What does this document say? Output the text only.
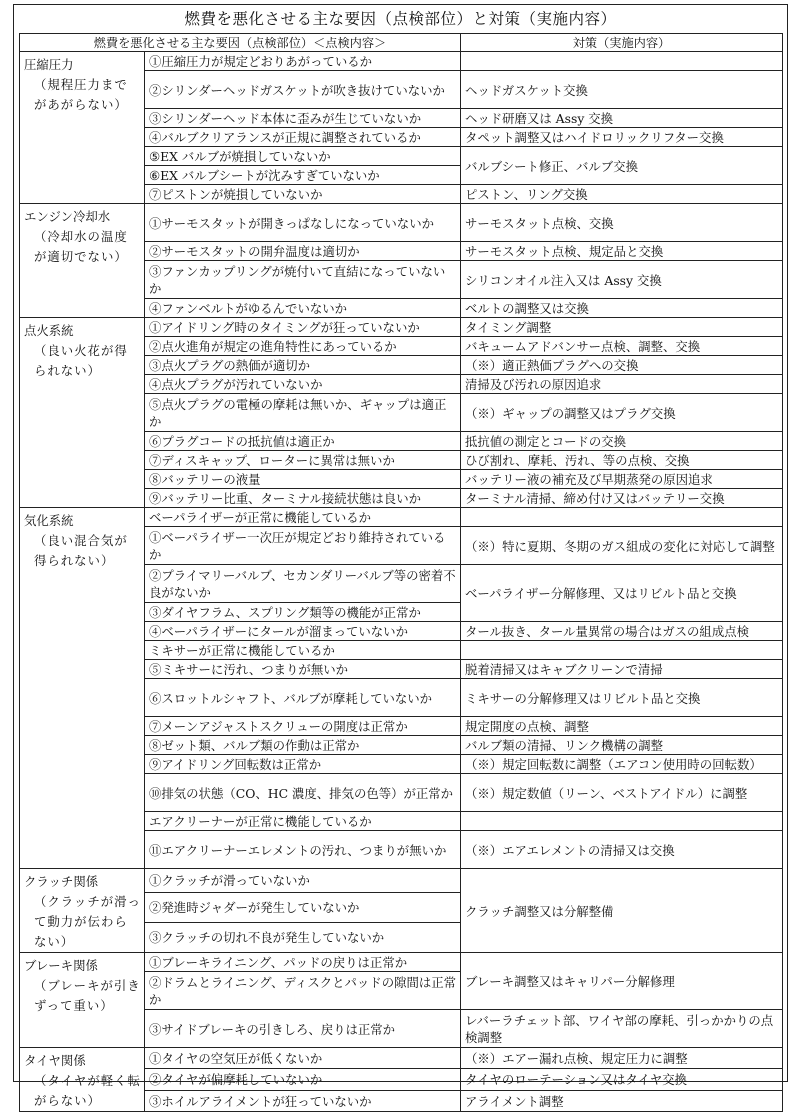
燃費を悪化させる主な要因（点検部位）と対策（実施内容）
燃費を悪化させる主な要因（点検部位）＜点検内容＞		対策（実施内容）

圧縮圧力
（規程圧力までがあがらない）	①圧縮圧力が規定どおりあがっているか	
	②シリンダーヘッドガスケットが吹き抜けていないか	ヘッドガスケット交換
	③シリンダーヘッド本体に歪みが生じていないか	ヘッド研磨又は Assy 交換
	④バルブクリアランスが正規に調整されているか	タペット調整又はハイドロリックリフター交換
	⑤EX バルブが焼損していないか	バルブシート修正、バルブ交換
	⑥EX バルブシートが沈みすぎていないか	
	⑦ピストンが焼損していないか	ピストン、リング交換

エンジン冷却水
（冷却水の温度が適切でない）	①サーモスタットが開きっぱなしになっていないか	サーモスタット点検、交換
	②サーモスタットの開弁温度は適切か	サーモスタット点検、規定品と交換
	③ファンカップリングが焼付いて直結になっていないか	シリコンオイル注入又は Assy 交換
	④ファンベルトがゆるんでいないか	ベルトの調整又は交換

点火系統
（良い火花が得られない）	①アイドリング時のタイミングが狂っていないか	タイミング調整
	②点火進角が規定の進角特性にあっているか	バキュームアドバンサー点検、調整、交換
	③点火プラグの熱価が適切か	（※）適正熱価プラグへの交換
	④点火プラグが汚れていないか	清掃及び汚れの原因追求
	⑤点火プラグの電極の摩耗は無いか、ギャップは適正か	（※）ギャップの調整又はプラグ交換
	⑥プラグコードの抵抗値は適正か	抵抗値の測定とコードの交換
	⑦ディスキャップ、ローターに異常は無いか	ひび割れ、摩耗、汚れ、等の点検、交換
	⑧バッテリーの液量	バッテリー液の補充及び早期蒸発の原因追求
	⑨バッテリー比重、ターミナル接続状態は良いか	ターミナル清掃、締め付け又はバッテリー交換

気化系統
（良い混合気が得られない）	ベーパライザーが正常に機能しているか	
	①ベーパライザー一次圧が規定どおり維持されているか	（※）特に夏期、冬期のガス組成の変化に対応して調整
	②プライマリーバルブ、セカンダリーバルブ等の密着不良がないか	ベーパライザー分解修理、又はリビルト品と交換
	③ダイヤフラム、スプリング類等の機能が正常か	
	④ベーパライザーにタールが溜まっていないか	タール抜き、タール量異常の場合はガスの組成点検
	ミキサーが正常に機能しているか	
	⑤ミキサーに汚れ、つまりが無いか	脱着清掃又はキャブクリーンで清掃
	⑥スロットルシャフト、バルブが摩耗していないか	ミキサーの分解修理又はリビルト品と交換
	⑦メーンアジャストスクリューの開度は正常か	規定開度の点検、調整
	⑧ゼット類、バルブ類の作動は正常か	バルブ類の清掃、リンク機構の調整
	⑨アイドリング回転数は正常か	（※）規定回転数に調整（エアコン使用時の回転数）
	⑩排気の状態（CO、HC 濃度、排気の色等）が正常か	（※）規定数値（リーン、ベストアイドル）に調整
	エアクリーナーが正常に機能しているか	
	⑪エアクリーナーエレメントの汚れ、つまりが無いか	（※）エアエレメントの清掃又は交換

クラッチ関係
（クラッチが滑って動力が伝わらない）	①クラッチが滑っていないか	クラッチ調整又は分解整備
	②発進時ジャダーが発生していないか	
	③クラッチの切れ不良が発生していないか	

ブレーキ関係
（ブレーキが引きずって重い）	①ブレーキライニング、パッドの戻りは正常か	ブレーキ調整又はキャリパー分解修理
	②ドラムとライニング、ディスクとパッドの隙間は正常か	
	③サイドブレーキの引きしろ、戻りは正常か	レバーラチェット部、ワイヤ部の摩耗、引っかかりの点検調整

タイヤ関係
（タイヤが軽く転がらない）	①タイヤの空気圧が低くないか	（※）エアー漏れ点検、規定圧力に調整
	②タイヤが偏摩耗していないか	タイヤのローテーション又はタイヤ交換
	③ホイルアライメントが狂っていないか	アライメント調整
